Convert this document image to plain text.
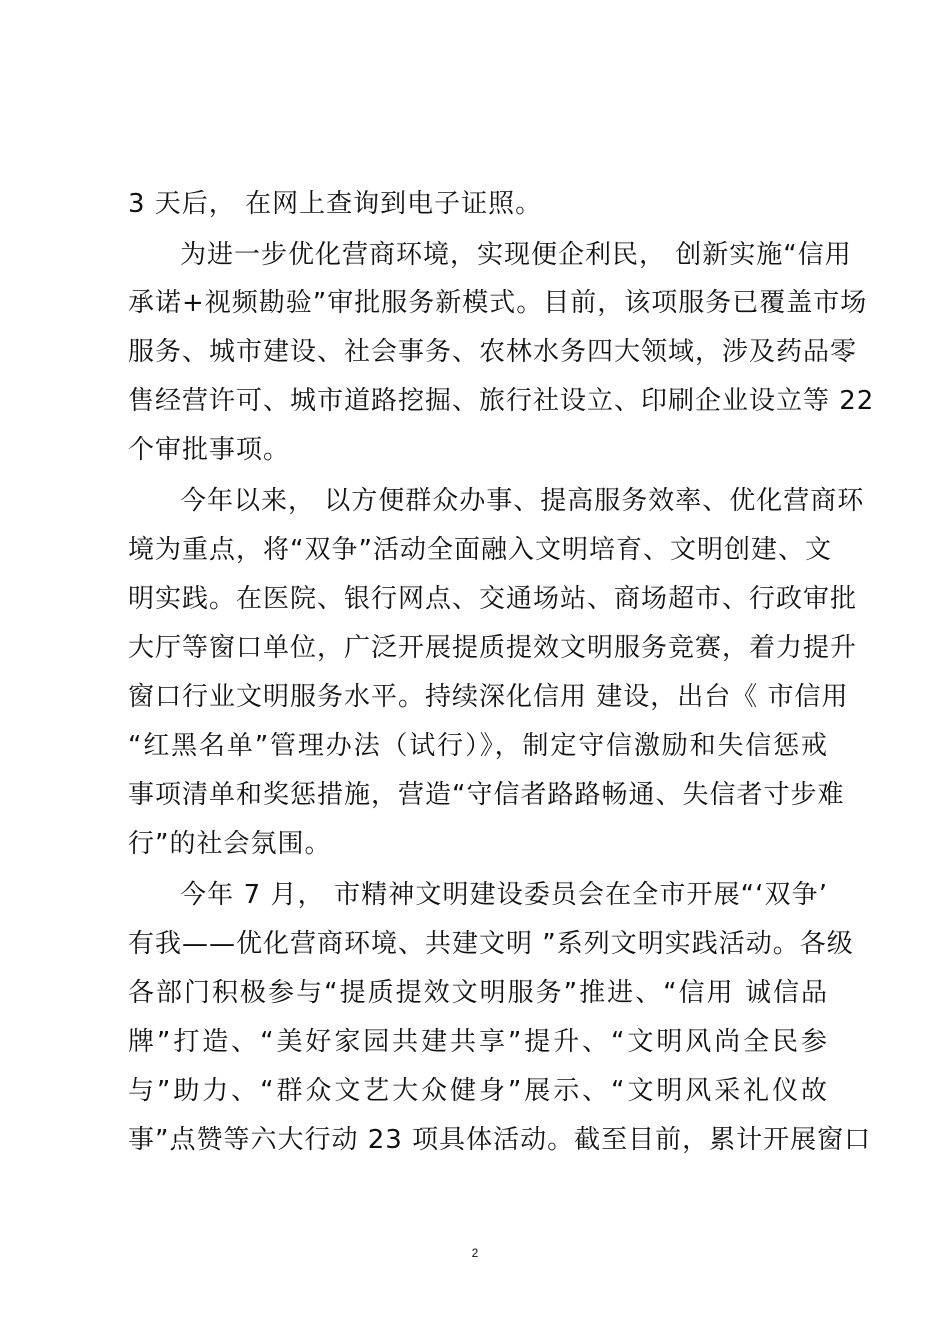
3 天后， 在网上查询到电子证照。
为进一步优化营商环境，实现便企利民， 创新实施“信用
承诺+视频勘验”审批服务新模式。目前，该项服务已覆盖市场
服务、城市建设、社会事务、农林水务四大领域，涉及药品零
售经营许可、城市道路挖掘、旅行社设立、印刷企业设立等 22
个审批事项。
今年以来， 以方便群众办事、提高服务效率、优化营商环
境为重点，将“双争”活动全面融入文明培育、文明创建、文
明实践。在医院、银行网点、交通场站、商场超市、行政审批
大厅等窗口单位，广泛开展提质提效文明服务竞赛，着力提升
窗口行业文明服务水平。持续深化信用 建设，出台《 市信用
“红黑名单”管理办法（试行）》，制定守信激励和失信惩戒
事项清单和奖惩措施，营造“守信者路路畅通、失信者寸步难
行”的社会氛围。
今年 7 月， 市精神文明建设委员会在全市开展“‘双争’
有我——优化营商环境、共建文明 ”系列文明实践活动。各级
各部门积极参与“提质提效文明服务”推进、“信用 诚信品
牌”打造、“美好家园共建共享”提升、“文明风尚全民参
与”助力、“群众文艺大众健身”展示、“文明风采礼仪故
事”点赞等六大行动 23 项具体活动。截至目前，累计开展窗口
2
